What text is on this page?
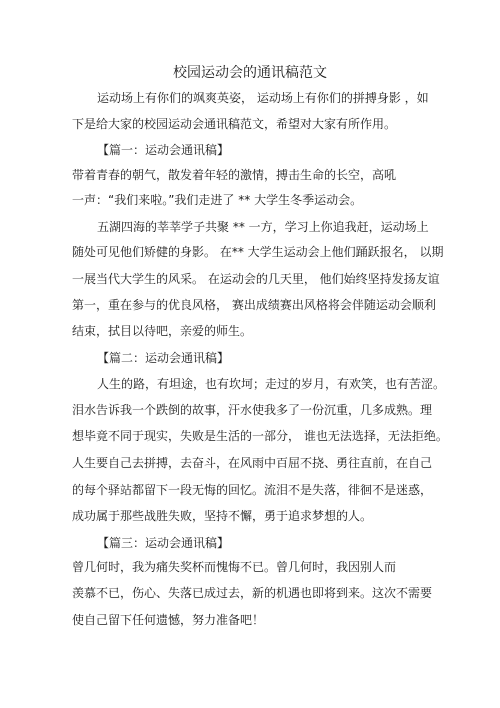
校园运动会的通讯稿范文
运动场上有你们的飒爽英姿， 运动场上有你们的拼搏身影 ，如
下是给大家的校园运动会通讯稿范文，希望对大家有所作用。
【篇一：运动会通讯稿】
带着青春的朝气，散发着年轻的激情，搏击生命的长空，高吼
一声：“我们来啦。”我们走进了 ** 大学生冬季运动会。
五湖四海的莘莘学子共聚 ** 一方，学习上你追我赶，运动场上
随处可见他们矫健的身影。 在** 大学生运动会上他们踊跃报名， 以期
一展当代大学生的风采。 在运动会的几天里， 他们始终坚持发扬友谊
第一，重在参与的优良风格， 赛出成绩赛出风格将会伴随运动会顺利
结束，拭目以待吧，亲爱的师生。
【篇二：运动会通讯稿】
人生的路，有坦途，也有坎坷；走过的岁月，有欢笑，也有苦涩。
泪水告诉我一个跌倒的故事，汗水使我多了一份沉重，几多成熟。理
想毕竟不同于现实，失败是生活的一部分， 谁也无法选择，无法拒绝。
人生要自己去拼搏，去奋斗，在风雨中百屈不挠、勇往直前，在自己
的每个驿站都留下一段无悔的回忆。流泪不是失落，徘徊不是迷惑，
成功属于那些战胜失败，坚持不懈，勇于追求梦想的人。
【篇三：运动会通讯稿】
曾几何时，我为痛失奖杯而愧悔不已。曾几何时，我因别人而
羡慕不已，伤心、失落已成过去，新的机遇也即将到来。这次不需要
使自己留下任何遗憾，努力准备吧！
